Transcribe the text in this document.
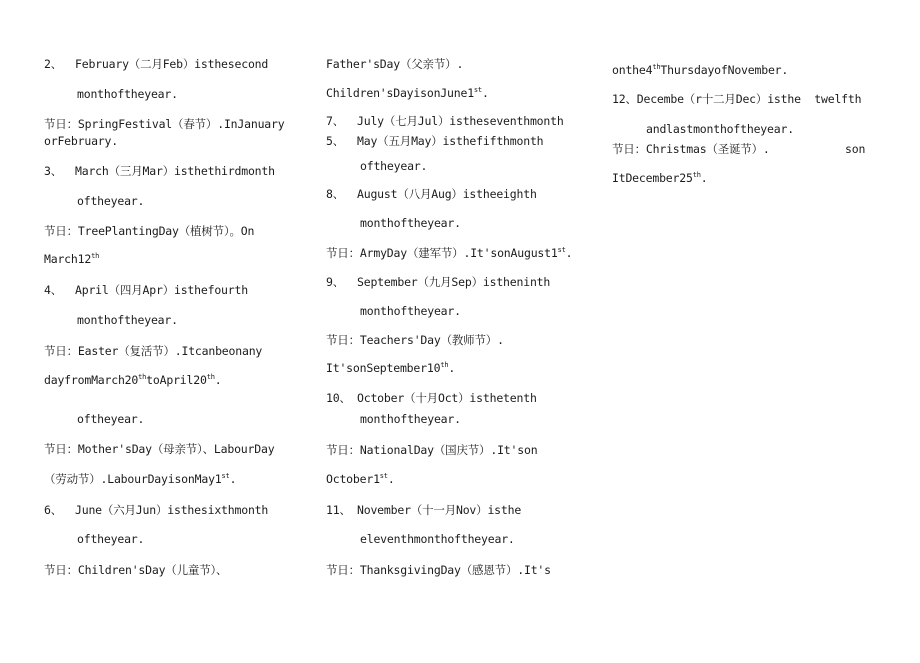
2、 February（二月Feb）isthesecond
monthoftheyear.
节日：SpringFestival（春节）.InJanuary
orFebruary.
3、 March（三月Mar）isthethirdmonth
oftheyear.
节日：TreePlantingDay（植树节）。On
March12th
4、 April（四月Apr）isthefourth
monthoftheyear.
节日：Easter（复活节）.Itcanbeonany
dayfromMarch20thtoApril20th.
oftheyear.
节日：Mother'sDay（母亲节）、LabourDay
（劳动节）.LabourDayisonMay1st.
6、 June（六月Jun）isthesixthmonth
oftheyear.
节日：Children'sDay（儿童节）、
Father'sDay（父亲节）.
Children'sDayisonJune1st.
7、 July（七月Jul）istheseventhmonth
5、 May（五月May）isthefifthmonth
oftheyear.
8、 August（八月Aug）istheeighth
monthoftheyear.
节日：ArmyDay（建军节）.It'sonAugust1st.
9、 September（九月Sep）istheninth
monthoftheyear.
节日：Teachers'Day（教师节）.
It'sonSeptember10th.
10、 October（十月Oct）isthetenth
monthoftheyear.
节日：NationalDay（国庆节）.It'son
October1st.
11、 November（十一月Nov）isthe
eleventhmonthoftheyear.
节日：ThanksgivingDay（感恩节）.It's
onthe4thThursdayofNovember.
12、Decembe（r十二月Dec）isthe  twelfth
andlastmonthoftheyear.
节日：Christmas（圣诞节）.	son
ItDecember25th.
